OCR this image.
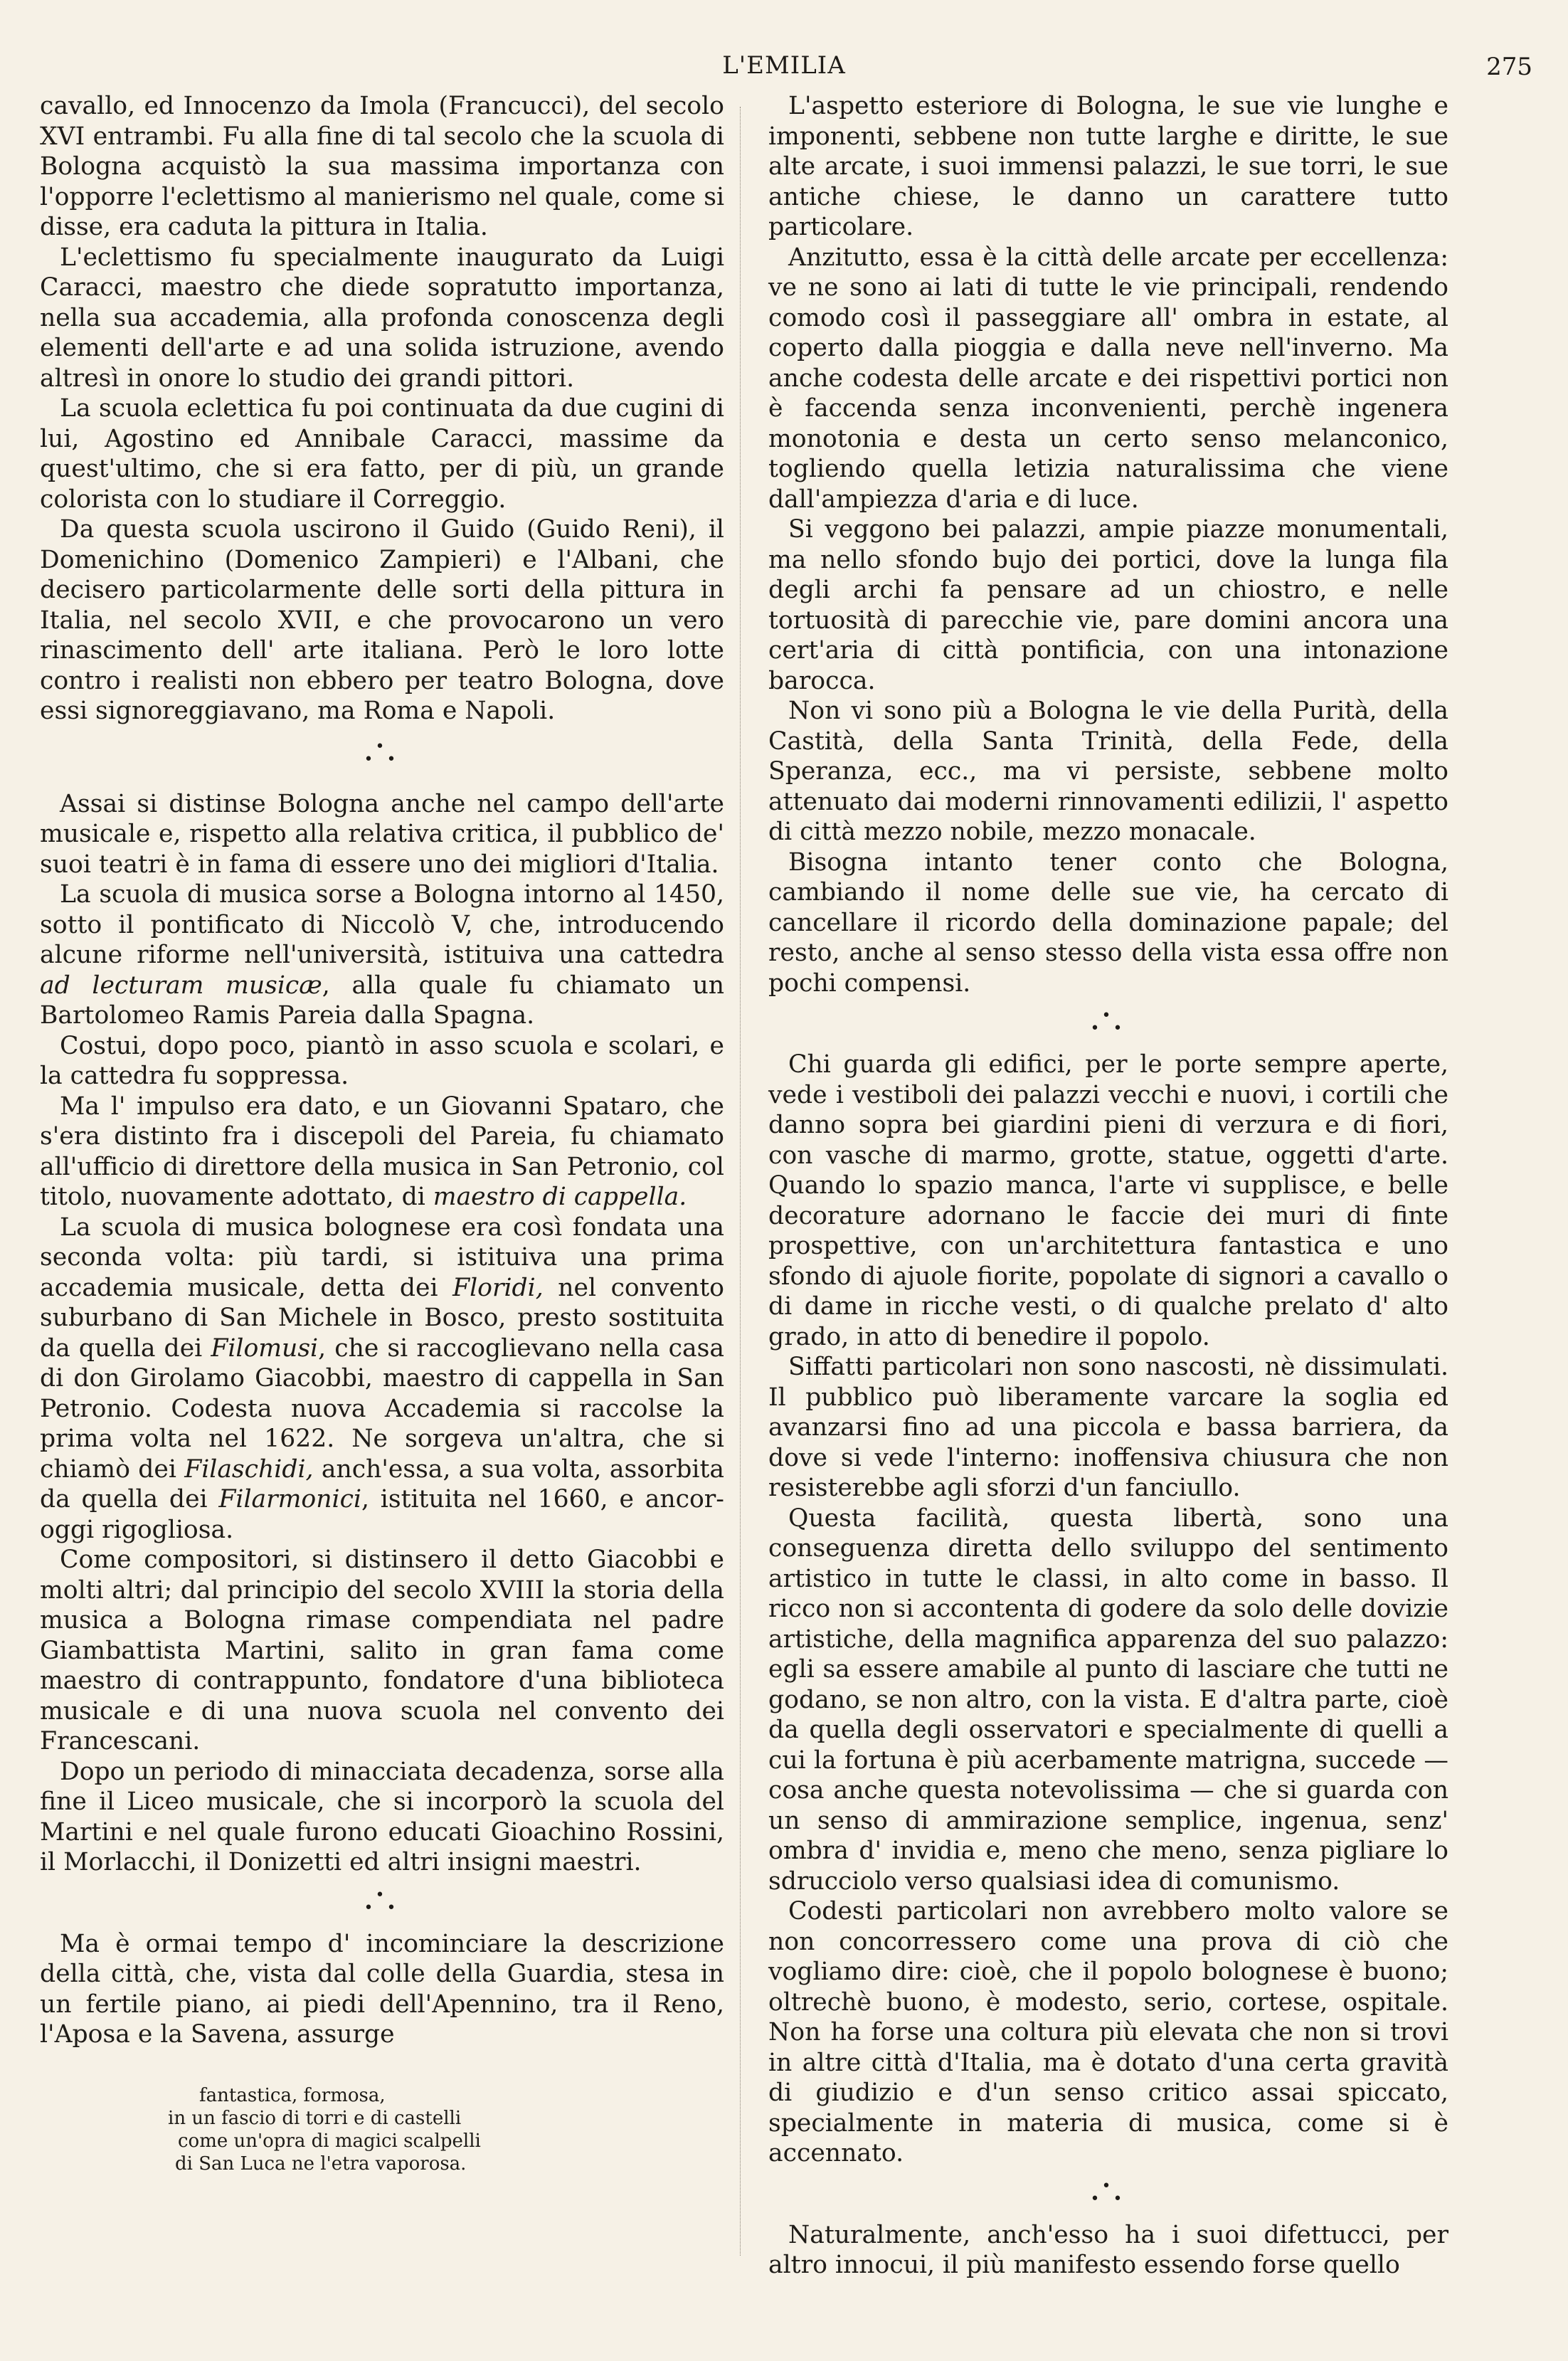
L'EMILIA	275

cavallo, ed Innocenzo da Imola (Francucci), del secolo XVI entrambi. Fu alla fine di tal secolo che la scuola di Bologna acquistò la sua massima importanza con l'opporre l'eclettismo al manierismo nel quale, come si disse, era caduta la pittura in Italia.

L'eclettismo fu specialmente inaugurato da Luigi Caracci, maestro che diede sopratutto importanza, nella sua accademia, alla profonda conoscenza degli elementi dell'arte e ad una solida istruzione, avendo altresì in onore lo studio dei grandi pittori.

La scuola eclettica fu poi continuata da due cugini di lui, Agostino ed Annibale Caracci, massime da quest'ultimo, che si era fatto, per di più, un grande colorista con lo studiare il Correggio.

Da questa scuola uscirono il Guido (Guido Reni), il Domenichino (Domenico Zampieri) e l'Albani, che decisero particolarmente delle sorti della pittura in Italia, nel secolo XVII, e che provocarono un vero rinascimento dell' arte italiana. Però le loro lotte contro i realisti non ebbero per teatro Bologna, dove essi signoreggiavano, ma Roma e Napoli.

•
• •

Assai si distinse Bologna anche nel campo dell'arte musicale e, rispetto alla relativa critica, il pubblico de' suoi teatri è in fama di essere uno dei migliori d'Italia.

La scuola di musica sorse a Bologna intorno al 1450, sotto il pontificato di Niccolò V, che, introducendo alcune riforme nell'università, istituiva una cattedra ad lecturam musicæ, alla quale fu chiamato un Bartolomeo Ramis Pareia dalla Spagna.

Costui, dopo poco, piantò in asso scuola e scolari, e la cattedra fu soppressa.

Ma l' impulso era dato, e un Giovanni Spataro, che s'era distinto fra i discepoli del Pareia, fu chiamato all'ufficio di direttore della musica in San Petronio, col titolo, nuovamente adottato, di maestro di cappella.

La scuola di musica bolognese era così fondata una seconda volta: più tardi, si istituiva una prima accademia musicale, detta dei Floridi, nel convento suburbano di San Michele in Bosco, presto sostituita da quella dei Filomusi, che si raccoglievano nella casa di don Girolamo Giacobbi, maestro di cappella in San Petronio. Codesta nuova Accademia si raccolse la prima volta nel 1622. Ne sorgeva un'altra, che si chiamò dei Filaschidi, anch'essa, a sua volta, assorbita da quella dei Filarmonici, istituita nel 1660, e ancor-oggi rigogliosa.

Come compositori, si distinsero il detto Giacobbi e molti altri; dal principio del secolo XVIII la storia della musica a Bologna rimase compendiata nel padre Giambattista Martini, salito in gran fama come maestro di contrappunto, fondatore d'una biblioteca musicale e di una nuova scuola nel convento dei Francescani.

Dopo un periodo di minacciata decadenza, sorse alla fine il Liceo musicale, che si incorporò la scuola del Martini e nel quale furono educati Gioachino Rossini, il Morlacchi, il Donizetti ed altri insigni maestri.

•
• •

Ma è ormai tempo d' incominciare la descrizione della città, che, vista dal colle della Guardia, stesa in un fertile piano, ai piedi dell'Apennino, tra il Reno, l'Aposa e la Savena, assurge

fantastica, formosa,
in un fascio di torri e di castelli
come un'opra di magici scalpelli
di San Luca ne l'etra vaporosa.

L'aspetto esteriore di Bologna, le sue vie lunghe e imponenti, sebbene non tutte larghe e diritte, le sue alte arcate, i suoi immensi palazzi, le sue torri, le sue antiche chiese, le danno un carattere tutto particolare.

Anzitutto, essa è la città delle arcate per eccellenza: ve ne sono ai lati di tutte le vie principali, rendendo comodo così il passeggiare all' ombra in estate, al coperto dalla pioggia e dalla neve nell'inverno. Ma anche codesta delle arcate e dei rispettivi portici non è faccenda senza inconvenienti, perchè ingenera monotonia e desta un certo senso melanconico, togliendo quella letizia naturalissima che viene dall'ampiezza d'aria e di luce.

Si veggono bei palazzi, ampie piazze monumentali, ma nello sfondo bujo dei portici, dove la lunga fila degli archi fa pensare ad un chiostro, e nelle tortuosità di parecchie vie, pare domini ancora una cert'aria di città pontificia, con una intonazione barocca.

Non vi sono più a Bologna le vie della Purità, della Castità, della Santa Trinità, della Fede, della Speranza, ecc., ma vi persiste, sebbene molto attenuato dai moderni rinnovamenti edilizii, l' aspetto di città mezzo nobile, mezzo monacale.

Bisogna intanto tener conto che Bologna, cambiando il nome delle sue vie, ha cercato di cancellare il ricordo della dominazione papale; del resto, anche al senso stesso della vista essa offre non pochi compensi.

•
• •

Chi guarda gli edifici, per le porte sempre aperte, vede i vestiboli dei palazzi vecchi e nuovi, i cortili che danno sopra bei giardini pieni di verzura e di fiori, con vasche di marmo, grotte, statue, oggetti d'arte. Quando lo spazio manca, l'arte vi supplisce, e belle decorature adornano le faccie dei muri di finte prospettive, con un'architettura fantastica e uno sfondo di ajuole fiorite, popolate di signori a cavallo o di dame in ricche vesti, o di qualche prelato d' alto grado, in atto di benedire il popolo.

Siffatti particolari non sono nascosti, nè dissimulati. Il pubblico può liberamente varcare la soglia ed avanzarsi fino ad una piccola e bassa barriera, da dove si vede l'interno: inoffensiva chiusura che non resisterebbe agli sforzi d'un fanciullo.

Questa facilità, questa libertà, sono una conseguenza diretta dello sviluppo del sentimento artistico in tutte le classi, in alto come in basso. Il ricco non si accontenta di godere da solo delle dovizie artistiche, della magnifica apparenza del suo palazzo: egli sa essere amabile al punto di lasciare che tutti ne godano, se non altro, con la vista. E d'altra parte, cioè da quella degli osservatori e specialmente di quelli a cui la fortuna è più acerbamente matrigna, succede — cosa anche questa notevolissima — che si guarda con un senso di ammirazione semplice, ingenua, senz' ombra d' invidia e, meno che meno, senza pigliare lo sdrucciolo verso qualsiasi idea di comunismo.

Codesti particolari non avrebbero molto valore se non concorressero come una prova di ciò che vogliamo dire: cioè, che il popolo bolognese è buono; oltrechè buono, è modesto, serio, cortese, ospitale. Non ha forse una coltura più elevata che non si trovi in altre città d'Italia, ma è dotato d'una certa gravità di giudizio e d'un senso critico assai spiccato, specialmente in materia di musica, come si è accennato.

•
• •

Naturalmente, anch'esso ha i suoi difettucci, per altro innocui, il più manifesto essendo forse quello
